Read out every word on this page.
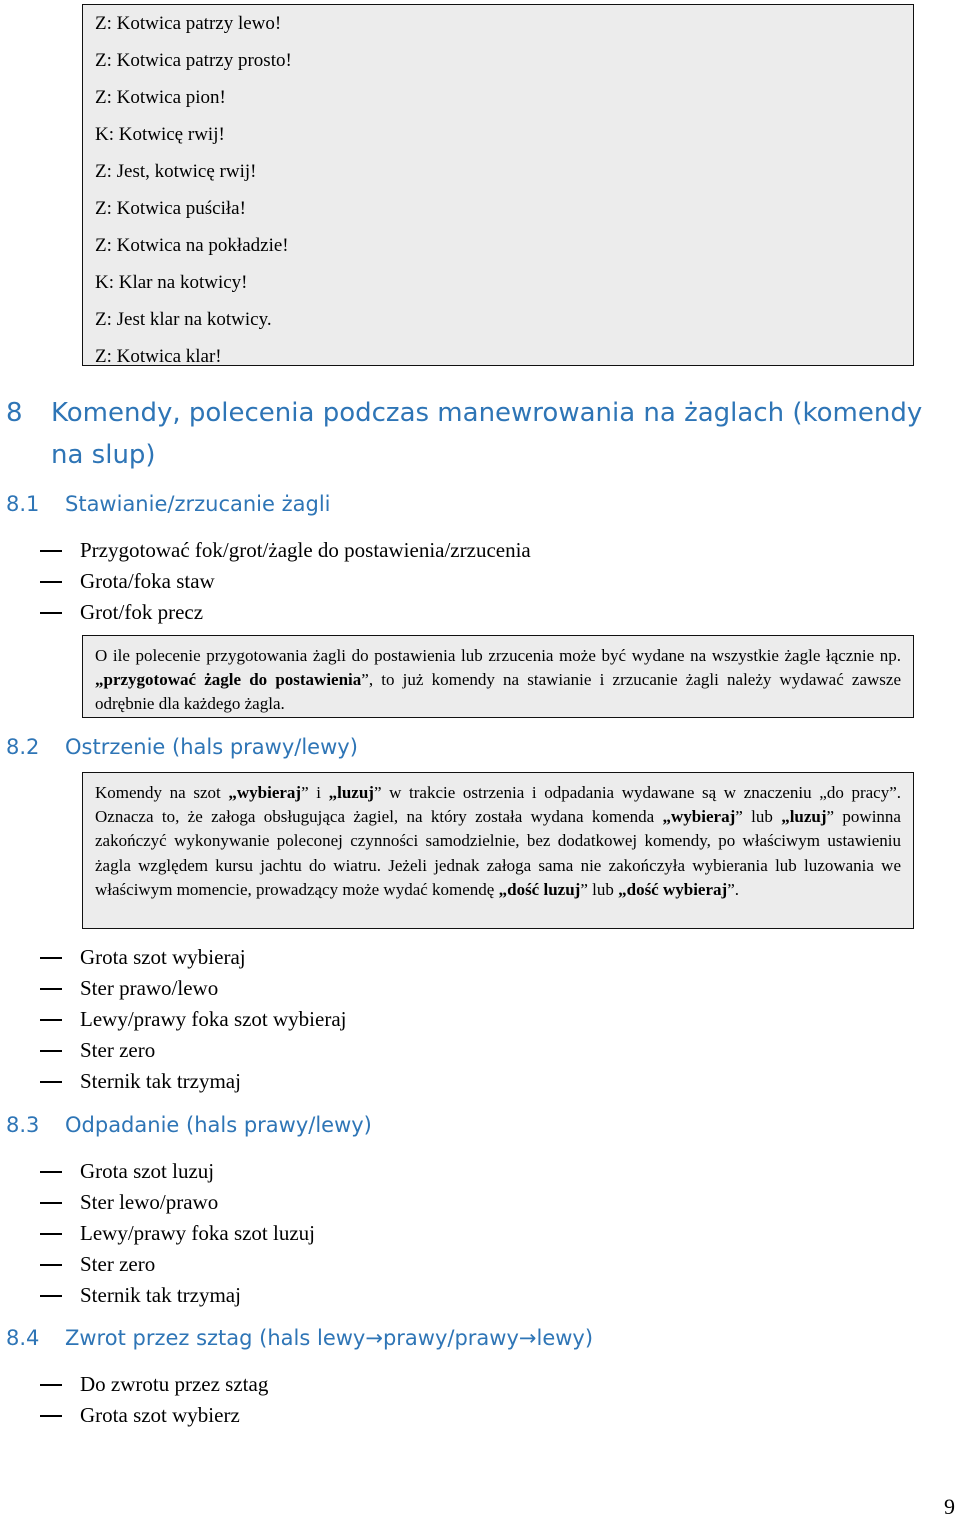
Z: Kotwica patrzy lewo!
Z: Kotwica patrzy prosto!
Z: Kotwica pion!
K: Kotwicę rwij!
Z: Jest, kotwicę rwij!
Z: Kotwica puściła!
Z: Kotwica na pokładzie!
K: Klar na kotwicy!
Z: Jest klar na kotwicy.
Z: Kotwica klar!
8	Komendy, polecenia podczas manewrowania na żaglach (komendy na slup)
8.1	Stawianie/zrzucanie żagli
Przygotować fok/grot/żagle do postawienia/zrzucenia
Grota/foka staw
Grot/fok precz
O ile polecenie przygotowania żagli do postawienia lub zrzucenia może być wydane na wszystkie żagle łącznie np. „przygotować żagle do postawienia”, to już komendy na stawianie i zrzucanie żagli należy wydawać zawsze odrębnie dla każdego żagla.
8.2	Ostrzenie (hals prawy/lewy)
Komendy na szot „wybieraj” i „luzuj” w trakcie ostrzenia i odpadania wydawane są w znaczeniu „do pracy”. Oznacza to, że załoga obsługująca żagiel, na który została wydana komenda „wybieraj” lub „luzuj” powinna zakończyć wykonywanie poleconej czynności samodzielnie, bez dodatkowej komendy, po właściwym ustawieniu żagla względem kursu jachtu do wiatru. Jeżeli jednak załoga sama nie zakończyła wybierania lub luzowania we właściwym momencie, prowadzący może wydać komendę „dość luzuj” lub „dość wybieraj”.
Grota szot wybieraj
Ster prawo/lewo
Lewy/prawy foka szot wybieraj
Ster zero
Sternik tak trzymaj
8.3	Odpadanie (hals prawy/lewy)
Grota szot luzuj
Ster lewo/prawo
Lewy/prawy foka szot luzuj
Ster zero
Sternik tak trzymaj
8.4	Zwrot przez sztag (hals lewy→prawy/prawy→lewy)
Do zwrotu przez sztag
Grota szot wybierz
9
